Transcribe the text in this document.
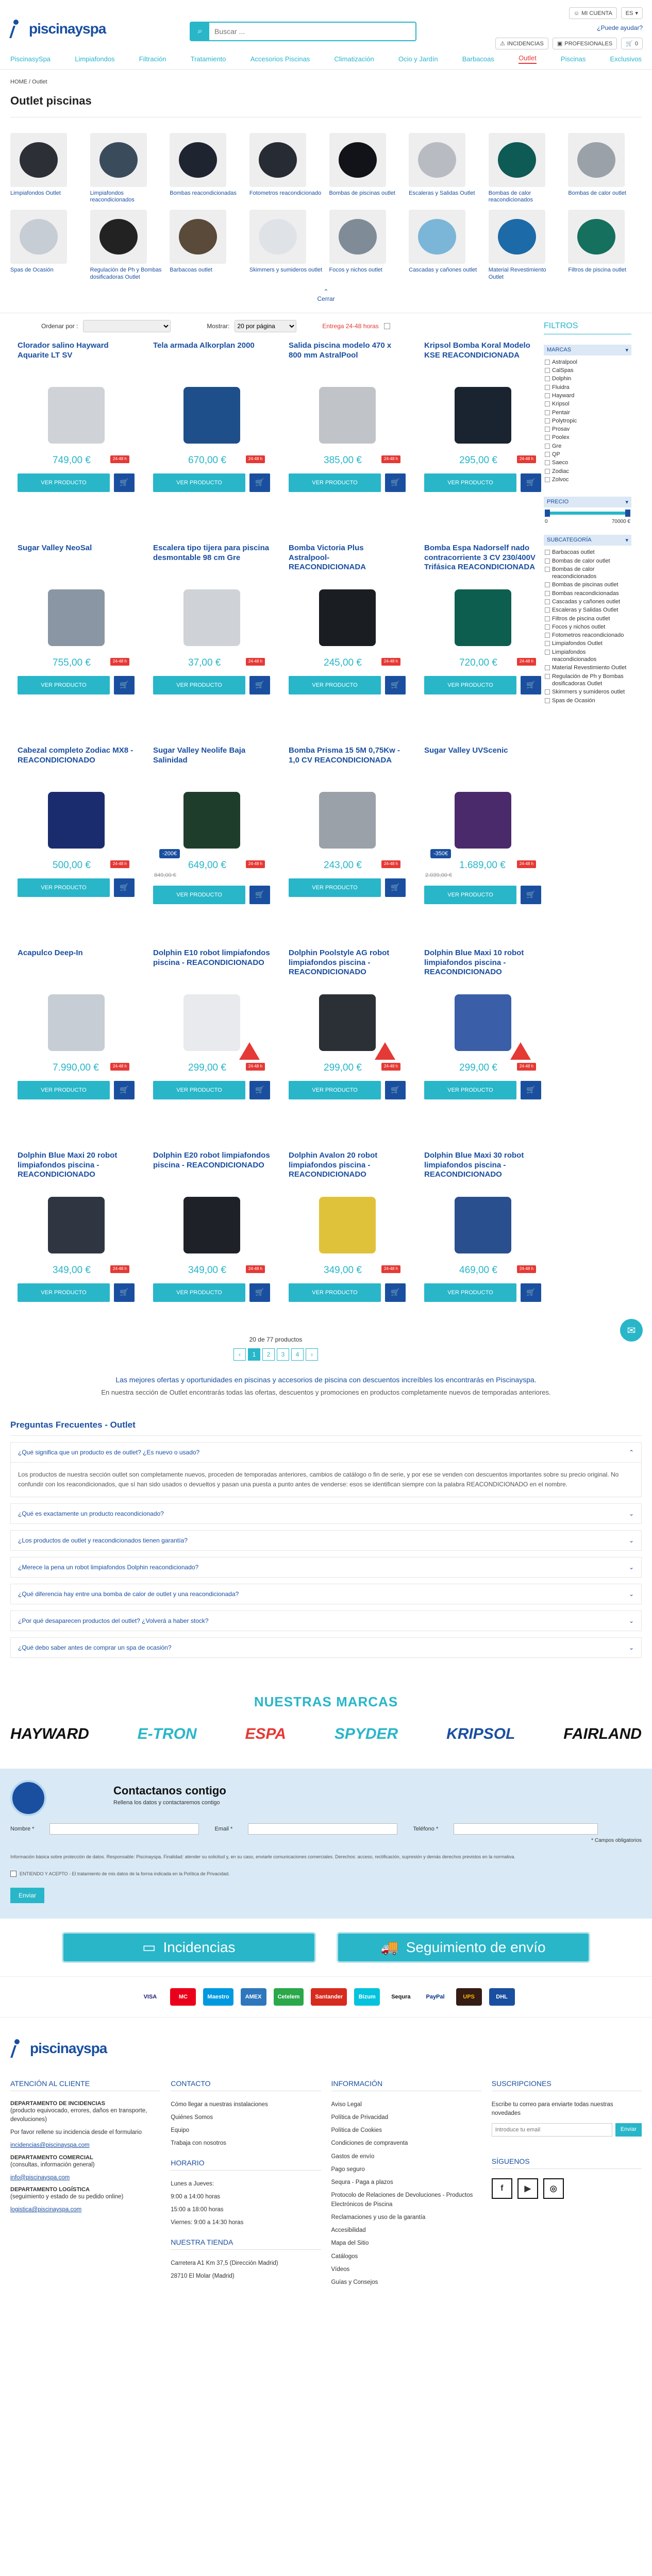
piscinayspa	⌕
Buscar ...
☺ MI CUENTA ES ▾
¿Puede ayudar?
⚠ INCIDENCIAS ▣ PROFESIONALES 🛒 0
PiscinasySpa	Limpiafondos	Filtración	Tratamiento	Accesorios Piscinas	Climatización	Ocio y Jardín	Barbacoas	Outlet	Piscinas	Exclusivos
HOME / Outlet
Outlet piscinas
Limpiafondos Outlet	Limpiafondos reacondicionados
Bombas reacondicionadas Fotometros reacondicionado Bombas de piscinas outlet Escaleras y Salidas Outlet Bombas de calor reacondicionados
Bombas de calor outlet
Spas de Ocasión	Regulación de Ph y Bombas dosificadoras Outlet
Barbacoas outlet	Skimmers y sumideros outlet Focos y nichos outlet	Cascadas y cañones outlet Material Revestimiento Outlet
Filtros de piscina outlet
⌃
Cerrar
Ordenar por :	Mostrar:
20 por página	Entrega 24-48 horas
Clorador salino Hayward Aquarite LT SV
24-48 h
749,00 €
VER PRODUCTO	🛒
Tela armada Alkorplan 2000
24-48 h
670,00 €
VER PRODUCTO	🛒
Salida piscina modelo 470 x 800 mm AstralPool
24-48 h
385,00 €
VER PRODUCTO	🛒
Kripsol Bomba Koral Modelo KSE REACONDICIONADA
24-48 h
295,00 €
VER PRODUCTO	🛒
Sugar Valley NeoSal
24-48 h
755,00 €
VER PRODUCTO	🛒
Escalera tipo tijera para piscina desmontable 98 cm Gre
24-48 h
37,00 €
VER PRODUCTO	🛒
Bomba Victoria Plus Astralpool-REACONDICIONADA
24-48 h
245,00 €
VER PRODUCTO	🛒
Bomba Espa Nadorself nado contracorriente 3 CV 230/400V Trifásica REACONDICIONADA
24-48 h
720,00 €
VER PRODUCTO	🛒
Cabezal completo Zodiac MX8 - REACONDICIONADO
24-48 h
500,00 €
VER PRODUCTO	🛒
Sugar Valley Neolife Baja Salinidad
-200€
24-48 h
649,00 €
849,00 €
VER PRODUCTO	🛒
Bomba Prisma 15 5M 0,75Kw - 1,0 CV REACONDICIONADA
24-48 h
243,00 €
VER PRODUCTO	🛒
Sugar Valley UVScenic
-350€
24-48 h
1.689,00 €
2.039,00 €
VER PRODUCTO	🛒
Acapulco Deep-In
24-48 h
7.990,00 €
VER PRODUCTO	🛒
Dolphin E10 robot limpiafondos piscina - REACONDICIONADO
24-48 h
299,00 €
VER PRODUCTO	🛒
Dolphin Poolstyle AG robot limpiafondos piscina - REACONDICIONADO
24-48 h
299,00 €
VER PRODUCTO	🛒
Dolphin Blue Maxi 10 robot limpiafondos piscina - REACONDICIONADO
24-48 h
299,00 €
VER PRODUCTO	🛒
Dolphin Blue Maxi 20 robot limpiafondos piscina - REACONDICIONADO
24-48 h
349,00 €
VER PRODUCTO	🛒
Dolphin E20 robot limpiafondos piscina - REACONDICIONADO
24-48 h
349,00 €
VER PRODUCTO	🛒
Dolphin Avalon 20 robot limpiafondos piscina - REACONDICIONADO
24-48 h
349,00 €
VER PRODUCTO	🛒
Dolphin Blue Maxi 30 robot limpiafondos piscina - REACONDICIONADO
24-48 h
469,00 €
VER PRODUCTO	🛒
20 de 77 productos
‹	1	2	3	4	›
FILTROS
MARCAS	▾
Astralpool
CalSpas
Dolphin
Fluidra
Hayward
Kripsol
Pentair
Polytropic
Prosav
Poolex
Gre
QP
Saeco
Zodiac
Zolvoc
PRECIO	▾
0	70000 €
SUBCATEGORÍA	▾
Barbacoas outlet
Bombas de calor outlet
Bombas de calor reacondicionados
Bombas de piscinas outlet
Bombas reacondicionadas
Cascadas y cañones outlet
Escaleras y Salidas Outlet
Filtros de piscina outlet
Focos y nichos outlet
Fotometros reacondicionado
Limpiafondos Outlet
Limpiafondos reacondicionados
Material Revestimiento Outlet
Regulación de Ph y Bombas dosificadoras Outlet
Skimmers y sumideros outlet
Spas de Ocasión

Las mejores ofertas y oportunidades en piscinas y accesorios de piscina con descuentos increíbles los encontrarás en Piscinayspa.

En nuestra sección de Outlet encontrarás todas las ofertas, descuentos y promociones en productos completamente nuevos de temporadas anteriores.

Preguntas Frecuentes - Outlet
¿Qué significa que un producto es de outlet? ¿Es nuevo o usado?	⌃
Los productos de nuestra sección outlet son completamente nuevos, proceden de temporadas anteriores, cambios de catálogo o fin de serie, y por ese se venden con descuentos importantes sobre su precio original. No confundir con los reacondicionados, que sí han sido usados o devueltos y pasan una puesta a punto antes de venderse: esos se identifican siempre con la palabra REACONDICIONADO en el nombre.
¿Qué es exactamente un producto reacondicionado?	⌄
¿Los productos de outlet y reacondicionados tienen garantía?	⌄
¿Merece la pena un robot limpiafondos Dolphin reacondicionado?	⌄
¿Qué diferencia hay entre una bomba de calor de outlet y una reacondicionada?	⌄
¿Por qué desaparecen productos del outlet? ¿Volverá a haber stock?	⌄
¿Qué debo saber antes de comprar un spa de ocasión?	⌄
NUESTRAS MARCAS
HAYWARD	E-TRON	ESPA	SPYDER	KRIPSOL	FAIRLAND
Contactanos contigo
Rellena los datos y contactaremos contigo
Nombre *	Email *	Teléfono *
* Campos obligatorios
Información básica sobre protección de datos. Responsable: Piscinayspa. Finalidad: atender su solicitud y, en su caso, enviarle comunicaciones comerciales. Derechos: acceso, rectificación, supresión y demás derechos previstos en la normativa.
ENTIENDO Y ACEPTO - El tratamiento de mis datos de la forma indicada en la Política de Privacidad.
Enviar
▭ Incidencias	🚚 Seguimiento de envío
VISA	MC	Maestro	AMEX	Cetelem	Santander	Bizum	Sequra	PayPal	UPS	DHL
piscinayspa
ATENCIÓN AL CLIENTE
DEPARTAMENTO DE INCIDENCIAS

(producto equivocado, errores, daños en transporte, devoluciones)

Por favor rellene su incidencia desde el formulario

incidencias@piscinayspa.com

DEPARTAMENTO COMERCIAL

(consultas, información general)

info@piscinayspa.com

DEPARTAMENTO LOGÍSTICA

(seguimiento y estado de su pedido online)

logistica@piscinayspa.com

CONTACTO
Cómo llegar a nuestras instalaciones
Quiénes Somos
Equipo
Trabaja con nosotros
HORARIO
Lunes a Jueves:
9:00 a 14:00 horas
15:00 a 18:00 horas
Viernes: 9:00 a 14:30 horas
NUESTRA TIENDA

Carretera A1 Km 37,5 (Dirección Madrid)

28710 El Molar (Madrid)

INFORMACIÓN
Aviso Legal
Política de Privacidad
Política de Cookies
Condiciones de compraventa
Gastos de envío
Pago seguro
Sequra - Paga a plazos
Protocolo de Relaciones de Devoluciones - Productos Electrónicos de Piscina
Reclamaciones y uso de la garantía
Accesibilidad
Mapa del Sitio
Catálogos
Vídeos
Guías y Consejos
SUSCRIPCIONES

Escribe tu correo para enviarte todas nuestras novedades

Introduce tu email
Enviar
SÍGUENOS
f	▶	◎
✉
